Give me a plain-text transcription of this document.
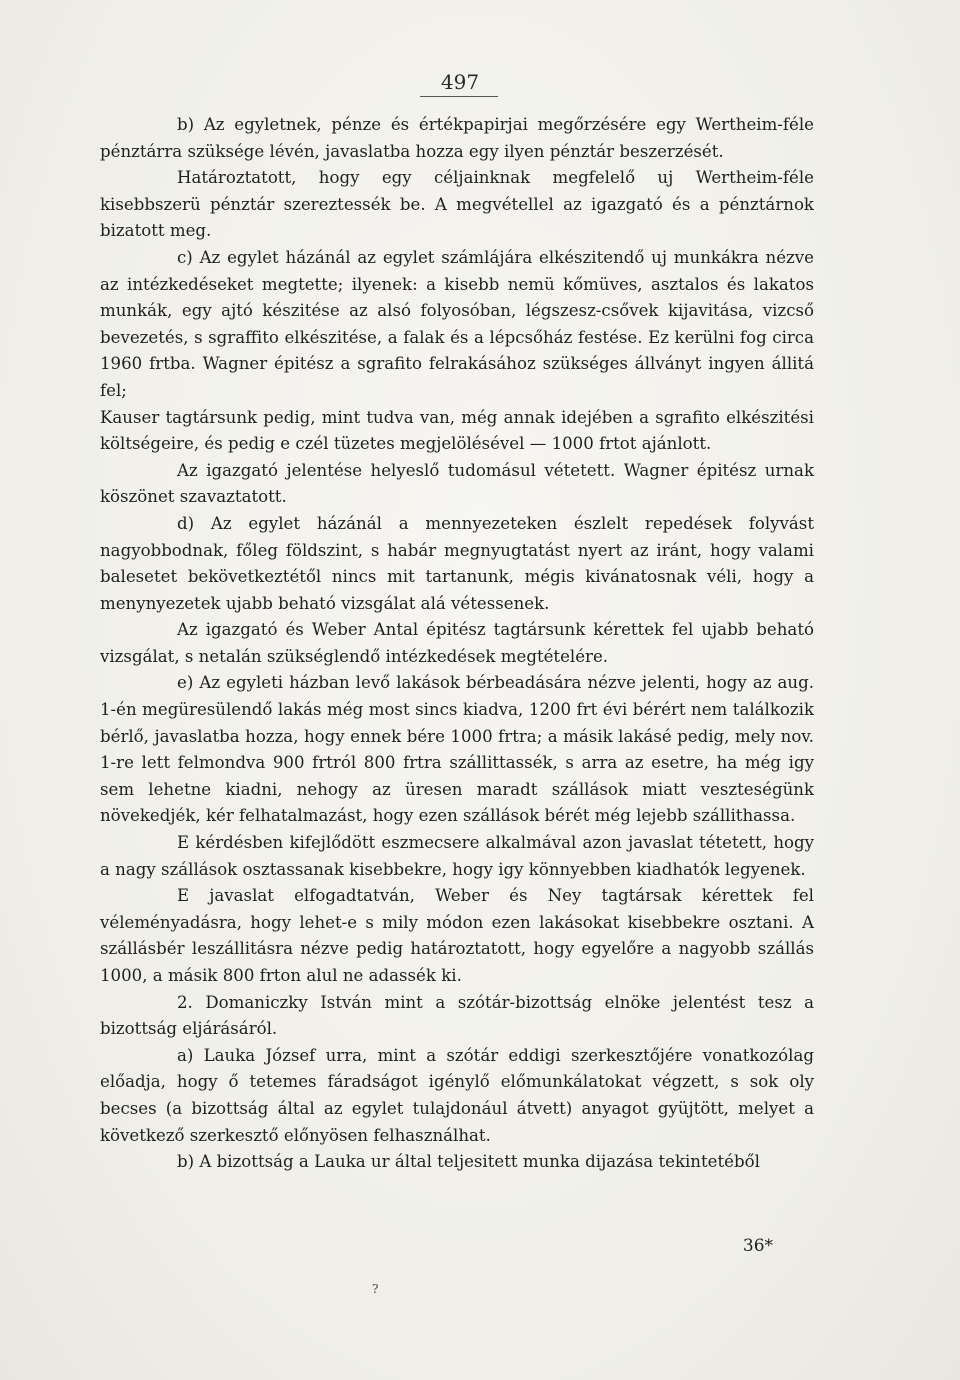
497

b) Az egyletnek, pénze és értékpapirjai megőrzésére egy Wertheim-féle pénztárra szüksége lévén, javaslatba hozza egy ilyen pénztár beszerzését.

Határoztatott, hogy egy céljainknak megfelelő uj Wertheim-féle kisebbszerü pénztár szereztessék be. A megvétellel az igazgató és a pénztárnok bizatott meg.

c) Az egylet házánál az egylet számlájára elkészitendő uj munkákra nézve az intézkedéseket megtette; ilyenek: a kisebb nemü kőmüves, asztalos és lakatos munkák, egy ajtó készitése az alsó folyosóban, légszesz-csővek kijavitása, vizcső bevezetés, s sgraffito elkészitése, a falak és a lépcsőház festése. Ez kerülni fog circa 1960 frtba. Wagner épitész a sgrafito felrakásához szükséges állványt ingyen állitá fel;

Kauser tagtársunk pedig, mint tudva van, még annak idejében a sgrafito elkészitési költségeire, és pedig e czél tüzetes megjelölésével — 1000 frtot ajánlott.

Az igazgató jelentése helyeslő tudomásul vétetett. Wagner épitész urnak köszönet szavaztatott.

d) Az egylet házánál a mennyezeteken észlelt repedések folyvást nagyobbodnak, főleg földszint, s habár megnyugtatást nyert az iránt, hogy valami balesetet bekövetkeztétől nincs mit tartanunk, mégis kivánatosnak véli, hogy a menynyezetek ujabb beható vizsgálat alá vétessenek.

Az igazgató és Weber Antal épitész tagtársunk kérettek fel ujabb beható vizsgálat, s netalán szükséglendő intézkedések megtételére.

e) Az egyleti házban levő lakások bérbeadására nézve jelenti, hogy az aug. 1-én megüresülendő lakás még most sincs kiadva, 1200 frt évi bérért nem találkozik bérlő, javaslatba hozza, hogy ennek bére 1000 frtra; a másik lakásé pedig, mely nov. 1-re lett felmondva 900 frtról 800 frtra szállittassék, s arra az esetre, ha még igy sem lehetne kiadni, nehogy az üresen maradt szállások miatt veszteségünk növekedjék, kér felhatalmazást, hogy ezen szállások bérét még lejebb szállithassa.

E kérdésben kifejlődött eszmecsere alkalmával azon javaslat tétetett, hogy a nagy szállások osztassanak kisebbekre, hogy igy könnyebben kiadhatók legyenek.

E javaslat elfogadtatván, Weber és Ney tagtársak kérettek fel véleményadásra, hogy lehet-e s mily módon ezen lakásokat kisebbekre osztani. A szállásbér leszállitásra nézve pedig határoztatott, hogy egyelőre a nagyobb szállás 1000, a másik 800 frton alul ne adassék ki.

2. Domaniczky István mint a szótár-bizottság elnöke jelentést tesz a bizottság eljárásáról.

a) Lauka József urra, mint a szótár eddigi szerkesztőjére vonatkozólag előadja, hogy ő tetemes fáradságot igénylő előmunkálatokat végzett, s sok oly becses (a bizottság által az egylet tulajdonául átvett) anyagot gyüjtött, melyet a következő szerkesztő előnyösen felhasználhat.

b) A bizottság a Lauka ur által teljesitett munka dijazása tekintetéből

36*
?
